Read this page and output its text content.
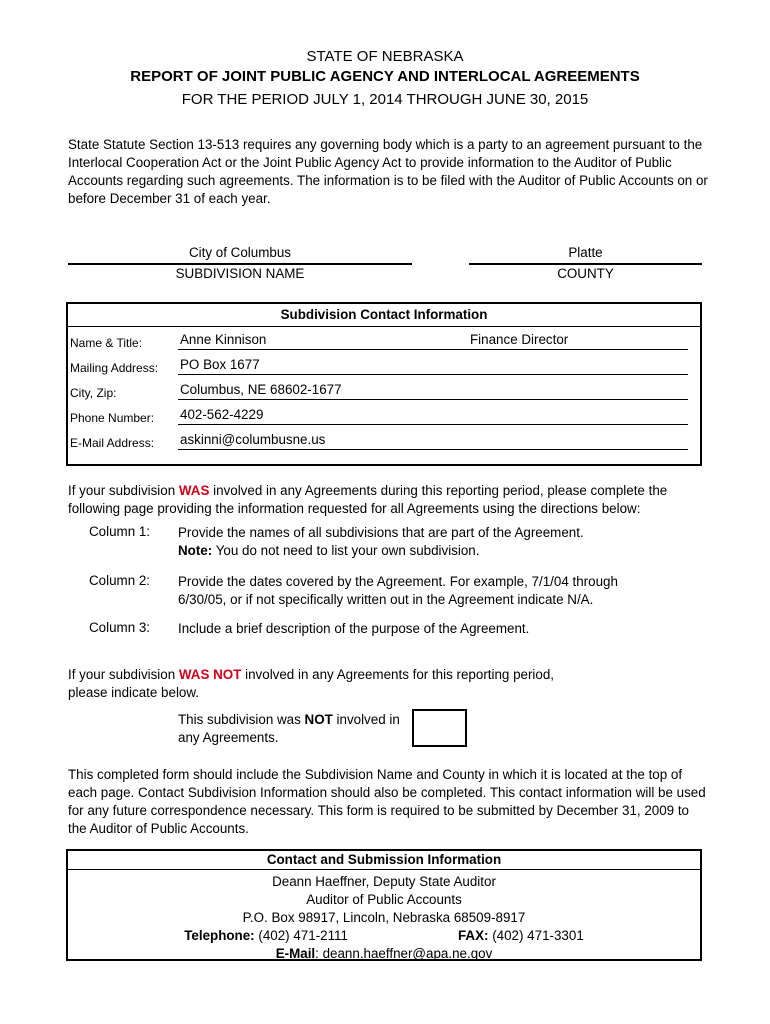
STATE OF NEBRASKA
REPORT OF JOINT PUBLIC AGENCY AND INTERLOCAL AGREEMENTS
FOR THE PERIOD JULY 1, 2014 THROUGH JUNE 30, 2015
State Statute Section 13-513 requires any governing body which is a party to an agreement pursuant to the Interlocal Cooperation Act or the Joint Public Agency Act to provide information to the Auditor of Public Accounts regarding such agreements. The information is to be filed with the Auditor of Public Accounts on or before December 31 of each year.
City of Columbus
SUBDIVISION NAME
Platte
COUNTY
Subdivision Contact Information
Name & Title:	Anne Kinnison	Finance Director
Mailing Address: PO Box 1677
City, Zip:	Columbus, NE 68602-1677
Phone Number: 402-562-4229
E-Mail Address: askinni@columbusne.us
If your subdivision WAS involved in any Agreements during this reporting period, please complete the following page providing the information requested for all Agreements using the directions below:
Column 1: Provide the names of all subdivisions that are part of the Agreement.
Note: You do not need to list your own subdivision.
Column 2: Provide the dates covered by the Agreement. For example, 7/1/04 through 6/30/05, or if not specifically written out in the Agreement indicate N/A.
Column 3: Include a brief description of the purpose of the Agreement.
If your subdivision WAS NOT involved in any Agreements for this reporting period,
please indicate below.
This subdivision was NOT involved in
any Agreements.
This completed form should include the Subdivision Name and County in which it is located at the top of each page. Contact Subdivision Information should also be completed. This contact information will be used for any future correspondence necessary. This form is required to be submitted by December 31, 2009 to the Auditor of Public Accounts.
Contact and Submission Information
Deann Haeffner, Deputy State Auditor
Auditor of Public Accounts
P.O. Box 98917, Lincoln, Nebraska 68509-8917
Telephone: (402) 471-2111	FAX: (402) 471-3301
E-Mail: deann.haeffner@apa.ne.gov
